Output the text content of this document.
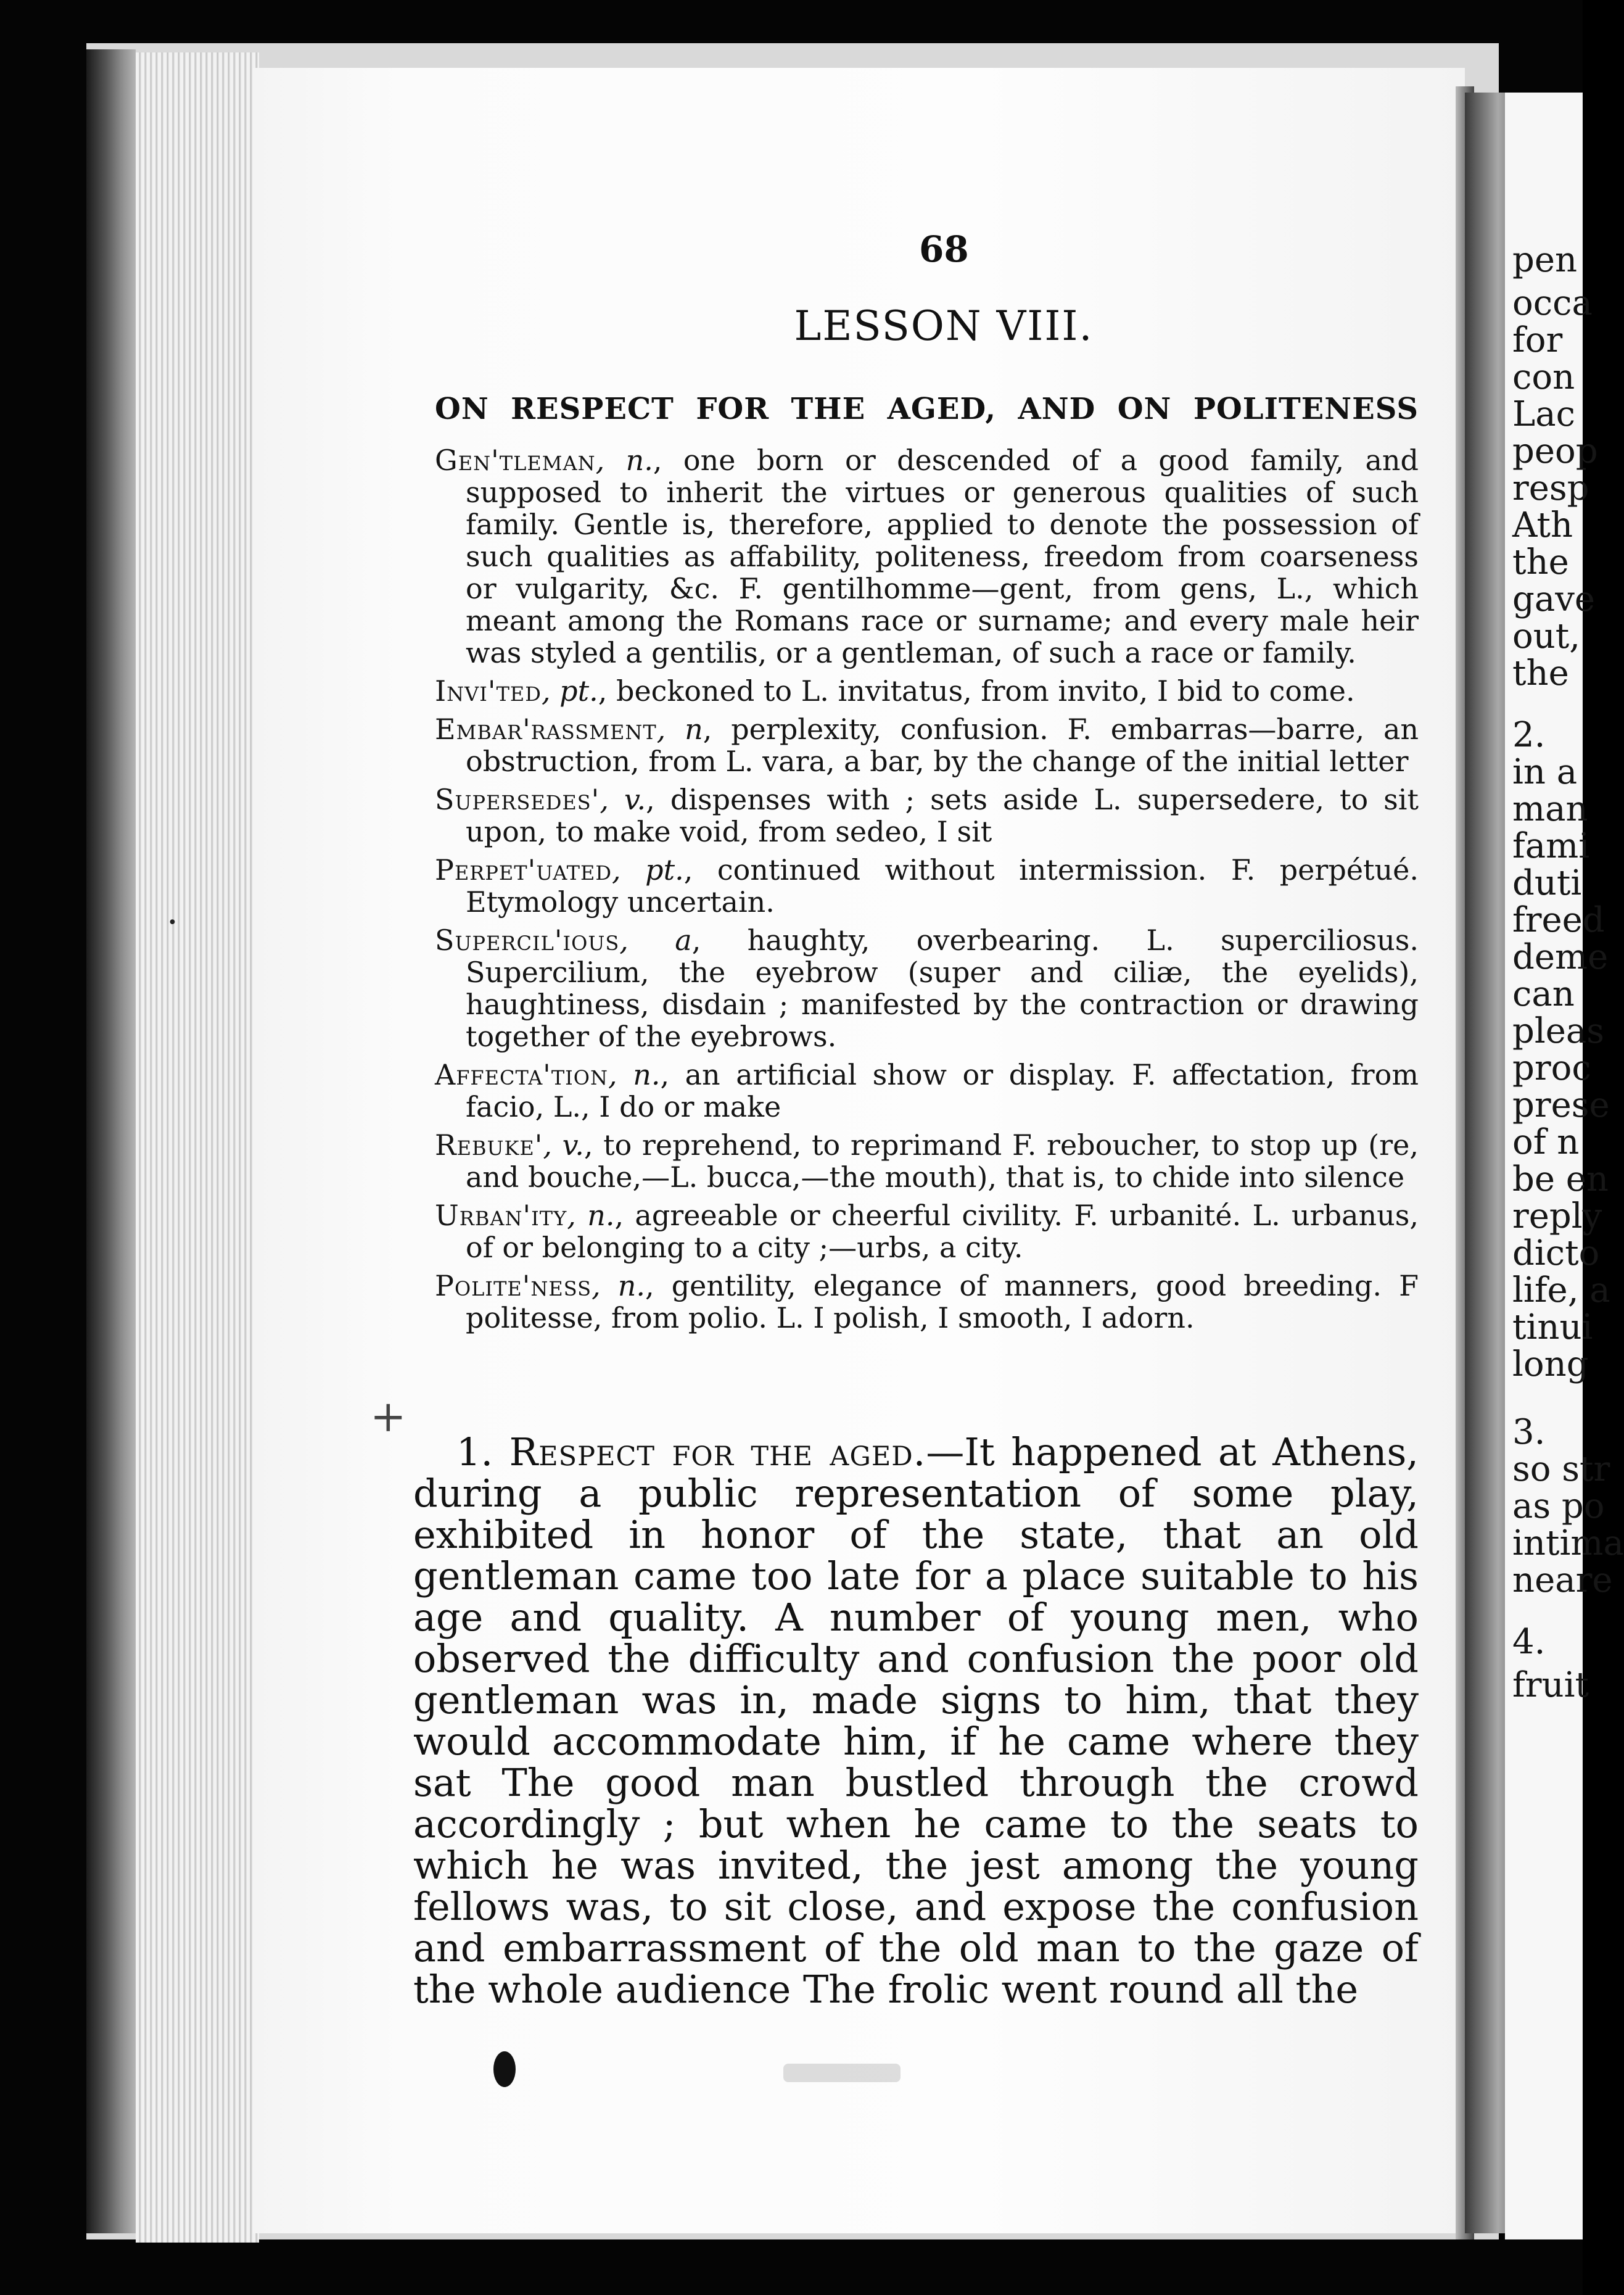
pen
occa
for
con
Lac
peop
resp
Ath
the
gave
out,
the
2.
in a
man
fami
duti
freed
deme
can
pleas
proc
prese
of n
be en
reply
dicto
life, a
tinui
long
3.
so str
as po
intima
neare
4.
fruit
68
LESSON VIII.
ON RESPECT FOR THE AGED, AND ON POLITENESS
Gen'tleman, n., one born or descended of a good family, and supposed to inherit the virtues or generous qualities of such family. Gentle is, therefore, applied to denote the possession of such qualities as affability, politeness, freedom from coarseness or vulgarity, &c. F. gentilhomme—gent, from gens, L., which meant among the Romans race or surname; and every male heir was styled a gentilis, or a gentleman, of such a race or family.
Invi'ted, pt., beckoned to L. invitatus, from invito, I bid to come.
Embar'rassment, n, perplexity, confusion. F. embarras—barre, an obstruction, from L. vara, a bar, by the change of the initial letter
Supersedes', v., dispenses with ; sets aside L. supersedere, to sit upon, to make void, from sedeo, I sit
Perpet'uated, pt., continued without intermission. F. perpétué. Etymology uncertain.
Supercil'ious, a, haughty, overbearing. L. superciliosus. Supercilium, the eyebrow (super and ciliæ, the eyelids), haughtiness, disdain ; manifested by the contraction or drawing together of the eyebrows.
Affecta'tion, n., an artificial show or display. F. affectation, from facio, L., I do or make
Rebuke', v., to reprehend, to reprimand F. reboucher, to stop up (re, and bouche,—L. bucca,—the mouth), that is, to chide into silence
Urban'ity, n., agreeable or cheerful civility. F. urbanité. L. urbanus, of or belonging to a city ;—urbs, a city.
Polite'ness, n., gentility, elegance of manners, good breeding. F politesse, from polio. L. I polish, I smooth, I adorn.
1. Respect for the aged.—It happened at Athens, during a public representation of some play, exhibited in honor of the state, that an old gentleman came too late for a place suitable to his age and quality. A number of young men, who observed the difficulty and confusion the poor old gentleman was in, made signs to him, that they would accommodate him, if he came where they sat The good man bustled through the crowd accordingly ; but when he came to the seats to which he was invited, the jest among the young fellows was, to sit close, and expose the confusion and embarrassment of the old man to the gaze of the whole audience The frolic went round all the
+
·
